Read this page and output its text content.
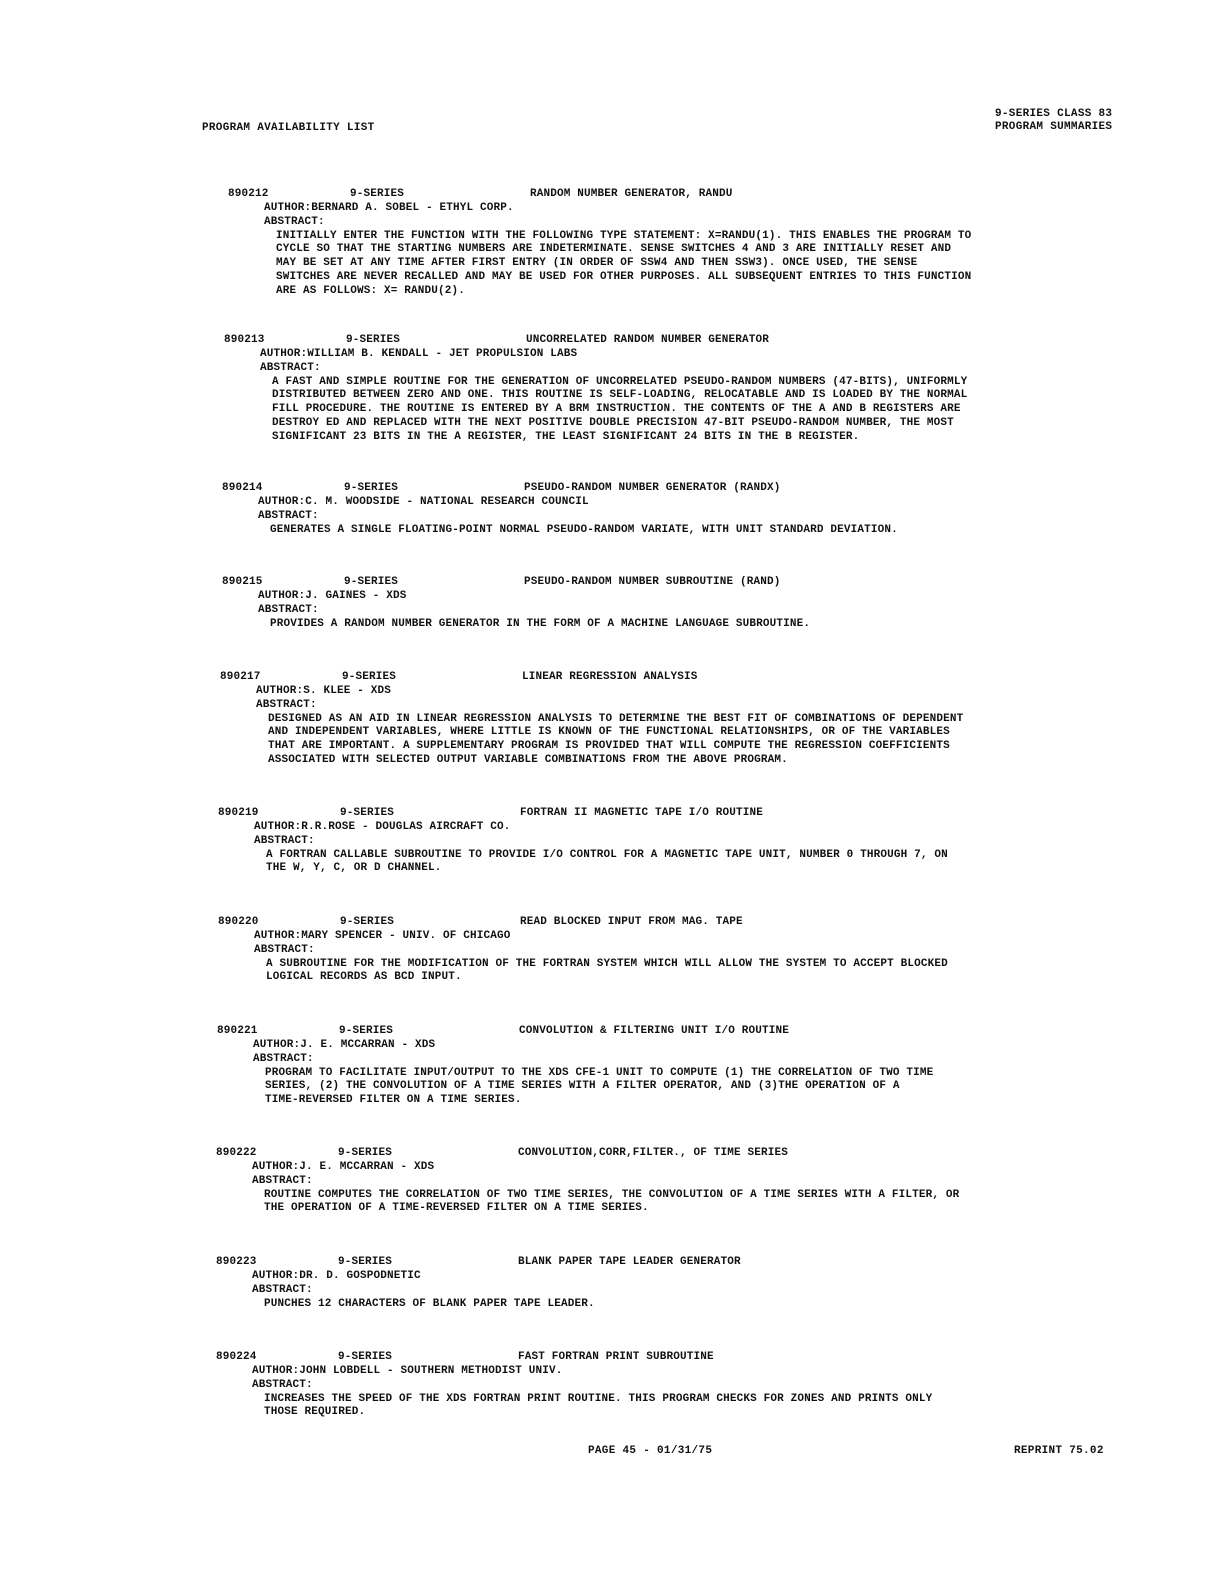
PROGRAM AVAILABILITY LIST
9-SERIES CLASS 83
PROGRAM SUMMARIES
890212	9-SERIES	RANDOM NUMBER GENERATOR, RANDU
AUTHOR:BERNARD A. SOBEL - ETHYL CORP.
ABSTRACT:
INITIALLY ENTER THE FUNCTION WITH THE FOLLOWING TYPE STATEMENT: X=RANDU(1). THIS ENABLES THE PROGRAM TO
CYCLE SO THAT THE STARTING NUMBERS ARE INDETERMINATE. SENSE SWITCHES 4 AND 3 ARE INITIALLY RESET AND
MAY BE SET AT ANY TIME AFTER FIRST ENTRY (IN ORDER OF SSW4 AND THEN SSW3). ONCE USED, THE SENSE
SWITCHES ARE NEVER RECALLED AND MAY BE USED FOR OTHER PURPOSES. ALL SUBSEQUENT ENTRIES TO THIS FUNCTION
ARE AS FOLLOWS: X= RANDU(2).
890213	9-SERIES	UNCORRELATED RANDOM NUMBER GENERATOR
AUTHOR:WILLIAM B. KENDALL - JET PROPULSION LABS
ABSTRACT:
A FAST AND SIMPLE ROUTINE FOR THE GENERATION OF UNCORRELATED PSEUDO-RANDOM NUMBERS (47-BITS), UNIFORMLY
DISTRIBUTED BETWEEN ZERO AND ONE. THIS ROUTINE IS SELF-LOADING, RELOCATABLE AND IS LOADED BY THE NORMAL
FILL PROCEDURE. THE ROUTINE IS ENTERED BY A BRM INSTRUCTION. THE CONTENTS OF THE A AND B REGISTERS ARE
DESTROY ED AND REPLACED WITH THE NEXT POSITIVE DOUBLE PRECISION 47-BIT PSEUDO-RANDOM NUMBER, THE MOST
SIGNIFICANT 23 BITS IN THE A REGISTER, THE LEAST SIGNIFICANT 24 BITS IN THE B REGISTER.
890214	9-SERIES	PSEUDO-RANDOM NUMBER GENERATOR (RANDX)
AUTHOR:C. M. WOODSIDE - NATIONAL RESEARCH COUNCIL
ABSTRACT:
GENERATES A SINGLE FLOATING-POINT NORMAL PSEUDO-RANDOM VARIATE, WITH UNIT STANDARD DEVIATION.
890215	9-SERIES	PSEUDO-RANDOM NUMBER SUBROUTINE (RAND)
AUTHOR:J. GAINES - XDS
ABSTRACT:
PROVIDES A RANDOM NUMBER GENERATOR IN THE FORM OF A MACHINE LANGUAGE SUBROUTINE.
890217	9-SERIES	LINEAR REGRESSION ANALYSIS
AUTHOR:S. KLEE - XDS
ABSTRACT:
DESIGNED AS AN AID IN LINEAR REGRESSION ANALYSIS TO DETERMINE THE BEST FIT OF COMBINATIONS OF DEPENDENT
AND INDEPENDENT VARIABLES, WHERE LITTLE IS KNOWN OF THE FUNCTIONAL RELATIONSHIPS, OR OF THE VARIABLES
THAT ARE IMPORTANT. A SUPPLEMENTARY PROGRAM IS PROVIDED THAT WILL COMPUTE THE REGRESSION COEFFICIENTS
ASSOCIATED WITH SELECTED OUTPUT VARIABLE COMBINATIONS FROM THE ABOVE PROGRAM.
890219	9-SERIES	FORTRAN II MAGNETIC TAPE I/O ROUTINE
AUTHOR:R.R.ROSE - DOUGLAS AIRCRAFT CO.
ABSTRACT:
A FORTRAN CALLABLE SUBROUTINE TO PROVIDE I/O CONTROL FOR A MAGNETIC TAPE UNIT, NUMBER 0 THROUGH 7, ON
THE W, Y, C, OR D CHANNEL.
890220	9-SERIES	READ BLOCKED INPUT FROM MAG. TAPE
AUTHOR:MARY SPENCER - UNIV. OF CHICAGO
ABSTRACT:
A SUBROUTINE FOR THE MODIFICATION OF THE FORTRAN SYSTEM WHICH WILL ALLOW THE SYSTEM TO ACCEPT BLOCKED
LOGICAL RECORDS AS BCD INPUT.
890221	9-SERIES	CONVOLUTION & FILTERING UNIT I/O ROUTINE
AUTHOR:J. E. MCCARRAN - XDS
ABSTRACT:
PROGRAM TO FACILITATE INPUT/OUTPUT TO THE XDS CFE-1 UNIT TO COMPUTE (1) THE CORRELATION OF TWO TIME
SERIES, (2) THE CONVOLUTION OF A TIME SERIES WITH A FILTER OPERATOR, AND (3)THE OPERATION OF A
TIME-REVERSED FILTER ON A TIME SERIES.
890222	9-SERIES	CONVOLUTION,CORR,FILTER., OF TIME SERIES
AUTHOR:J. E. MCCARRAN - XDS
ABSTRACT:
ROUTINE COMPUTES THE CORRELATION OF TWO TIME SERIES, THE CONVOLUTION OF A TIME SERIES WITH A FILTER, OR
THE OPERATION OF A TIME-REVERSED FILTER ON A TIME SERIES.
890223	9-SERIES	BLANK PAPER TAPE LEADER GENERATOR
AUTHOR:DR. D. GOSPODNETIC
ABSTRACT:
PUNCHES 12 CHARACTERS OF BLANK PAPER TAPE LEADER.
890224	9-SERIES	FAST FORTRAN PRINT SUBROUTINE
AUTHOR:JOHN LOBDELL - SOUTHERN METHODIST UNIV.
ABSTRACT:
INCREASES THE SPEED OF THE XDS FORTRAN PRINT ROUTINE. THIS PROGRAM CHECKS FOR ZONES AND PRINTS ONLY
THOSE REQUIRED.
PAGE 45 - 01/31/75	REPRINT 75.02
